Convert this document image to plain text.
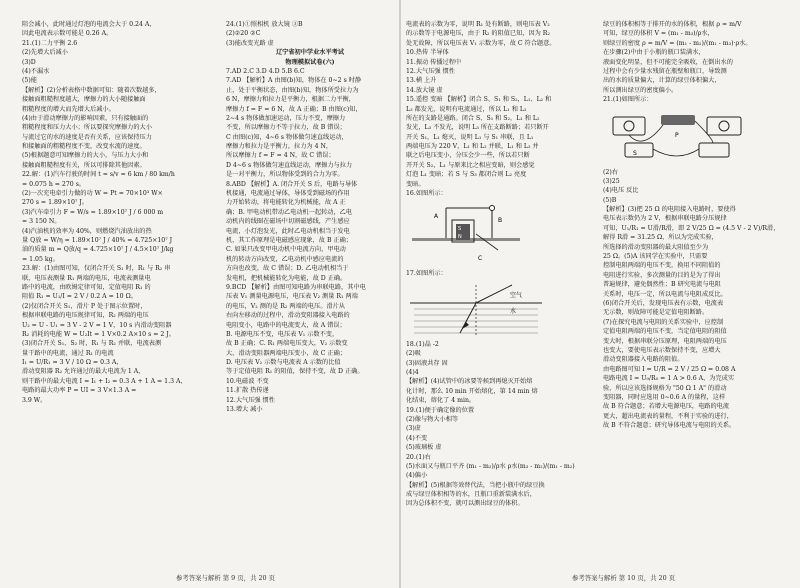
阻会减小，此时通过灯泡的电流会大于 0.24 A，
因此电流表示数可能是 0.26 A。
21.(1)二力平衡 2.6
(2)先增大后减小
(3)D
(4)不漏水
(5)能
【解析】(2)分析表格中数据可知：随着次数越多，
接触面粗糙程度越大，摩擦力的大小随接触面
粗糙程度的增大而先增大后减小。
(4)由于滑动摩擦力的影响因素，只有接触面的
粗糙程度和压力大小；所以要探究摩擦力的大小
与流过它的水的速度是否有关系，应该保持压力
和接触面的粗糙程度不变，改变水流的速度。
(5)根据题意可知摩擦力的大小，与压力大小和
接触面粗糙程度有关，所以可排除其他因素。
22.解：(1)汽车行驶的时间 t = s/v = 6 km / 80 km/h
= 0.075 h = 270 s。
(2)一次充电牵引力做的功 W = Pt = 70×10³ W×
270 s = 1.89×10⁷ J。
(3)汽车牵引力 F = W/s = 1.89×10⁷ J / 6 000 m
= 3 150 N。
(4)汽油机的效率为 40%，则燃烧汽油放出的热
量 Q放 = W/η = 1.89×10⁷ J / 40% = 4.725×10⁷ J
油的质量 m = Q放/q = 4.725×10⁷ J / 4.5×10⁷ J/kg
= 1.05 kg。
23.解：(1)由图可知，仅闭合开关 S₁ 时，R₁ 与 R₂ 串
联，电压表测量 R₁ 两端的电压，电流表测量电
路中的电流，由欧姆定律可知，定值电阻 R₁ 的
阻值 R₁ = U₁/I = 2 V / 0.2 A = 10 Ω。
(2)仅闭合开关 S₁，滑片 P 处于图示位置时，
根据串联电路的电压规律可知，R₂ 两端的电压
U₂ = U - U₁ = 3 V - 2 V = 1 V，10 s 内滑动变阻器
R₂ 消耗的电能 W = U₂It = 1 V×0.2 A×10 s = 2 J。
(3)闭合开关 S₁、S₂ 时，R₁ 与 R₂ 并联，电流表测
量干路中的电流，通过 R₁ 的电流
I₁ = U/R₁ = 3 V / 10 Ω = 0.3 A，
滑动变阻器 R₂ 允许通过的最大电流为 1 A，
则干路中的最大电流 I = I₁ + I₂ = 0.3 A + 1 A = 1.3 A，
电路的最大功率 P = UI = 3 V×1.3 A =
3.9 W。
24.(1)①照相机 放大镜 ③B
(2)②20 ②C
(3)能改变光路 虚
辽宁省初中学业水平考试
物理模拟试卷(六)
7.AD 2.C 3.D 4.D 5.B 6.C
7.AD 【解析】A 由图(b)知，物体在 0~2 s 时静
止，处于平衡状态，由图(b)知，物体所受拉力为
6 N，摩擦力和拉力是平衡力，根据二力平衡，
摩擦力 f = F = 6 N，故 A 正确；B 由图(c)知，
2~4 s 物体做加速运动，压力不变，摩擦力
不变，所以摩擦力不等于拉力，故 B 错误；
C 由图(c)知，4~6 s 物体做匀速直线运动，
摩擦力和拉力是平衡力，拉力为 4 N，
所以摩擦力 f = F = 4 N，故 C 错误；
D 4~6 s 物体做匀速直线运动，摩擦力与拉力
是一对平衡力，所以物体受到的合力为零。
8.ABD 【解析】A. 闭合开关 S 后，电路与导体
机接通，电流通过导体，导体受到磁场的作用
力开始转动，将电能转化为机械能，故 A 正
确；B. 甲电动机带动乙电动机一起转动，乙电
动机内的线圈在磁场中切割磁感线，产生感应
电流，小灯泡发光，此时乙电动机相当于发电
机，其工作原理是电磁感应现象，故 B 正确；
C. 如果只改变甲电动机中电流方向，甲电动
机的转动方向改变，乙电动机中感应电流的
方向也改变，故 C 错误；D. 乙电动机相当于
发电机，把机械能转化为电能，故 D 正确。
9.BCD 【解析】由图可知电路为串联电路，其中电
压表 V₁ 测量电源电压，电压表 V₂ 测量 R₁ 两端
的电压，V₂ 测的是 R₂ 两端的电压。滑片从
右向左移动的过程中，滑动变阻器接入电路的
电阻变小，电路中的电流变大，故 A 错误；
B. 电源电压不变，电压表 V₁ 示数不变，
故 B 正确；C. R₁ 两端电压变大，V₂ 示数变
大，滑动变阻器两端电压变小，故 C 正确；
D. 电压表 V₂ 示数与电流表 A 示数的比值
等于定值电阻 R₁ 的阻值，保持不变，故 D 正确。
10.电磁波 不变
11.扩散 热传递
12.大气压强 惯性
13.增大 减小
参考答案与解析 第 9 页，共 20 页
电流表的示数为零，说明 R₁ 处有断路，则电压表 V₂
的示数等于电源电压，由于 R₂ 的阻值已知，因为 R₂
处无故障，所以电压表 V₁ 示数为零，故 C 符合题意。
10.热传 半导体
11.振动 传播过程中
12.大气压强 惯性
13.横 上升
14.放大镜 虚
15.遥控 变暗 【解析】闭合 S、S₁ 和 S₂，L₁、L₂ 和
L₃ 都发光，说明有电流通过，所以 L₁ 和 L₂
所在的支路是通路。闭合 S、S₁ 和 S₂，L₁ 和 L₂
发光，L₃ 不发光，说明 L₃ 所在支路断路；若只断开
开关 S₁，L₁ 熄灭，说明 L₁ 与 S₁ 串联，且 L₁
两端电压为 220 V，L₁ 和 L₂ 并联，L₁ 和 L₃ 并
联之后电压变小，分压会少一些，所以若只断
开开关 S₂，L₁ 与原来比之相应变暗，则会感觉
灯泡 L₁ 变暗；若 S 与 S₃ 都闭合则 L₂ 亮度
变暗。
16.如图所示：
A
B
C
S
N
17.如图所示：
空气
水
18.(1)晶 -2
(2)吸
(3)固液共存 固
(4)4
【解析】(4)试管中的冰要等候到再熄灭开始熔
化计时，那么 10 min 开始熔化，第 14 min 熔
化结束，熔化了 4 min。
19.(1)便于确定像的位置
(2)像与物大小相等
(3)虚
(4)不变
(5)玻璃板 虚
20.(1)右
(5)水面又与瓶口平齐 (m₁ - m₂)/ρ水 ρ水(m₃ - m₂)/(m₁ - m₂)
(4)偏小
【解析】(5)根据等效替代法，当把小瓶中的绿豆换
成与绿豆体积相等的水，且瓶口重新装满水后，
因为总体积不变，就可以测出绿豆的体积。
绿豆的体积相等于排开的水的体积，根据 ρ = m/V
可知，绿豆的体积 V = (m₁ - m₃)/ρ水，
则绿豆的密度 ρ = m/V = (m₁ - m₂)/(m₁ - m₃)·ρ水。
在步骤(2)中由于小瓶的瓶口装满水，
液面变化明显，但不可能完全吸收，在倒出水的
过程中会有少量水残留在瓶壁和瓶口，导致测
出的水的质量偏大，计算的绿豆体积偏大，
所以测出绿豆的密度偏小。
21.(1)如图所示：
S
P
(2)右
(3)25
(4)电压 反比
(5)B
【解析】(3)把 25 Ω 的电阻接入电路时，要使得
电压表示数仍为 2 V，根据串联电路分压规律
可知，U₁/R₁ = U滑/R滑，即 2 V/25 Ω = (4.5 V - 2 V)/R滑，
解得 R滑 = 31.25 Ω，所以为完成实验，
所选择的滑动变阻器的最大阻值至少为
25 Ω。(5)A 该同学在实验中，只需要
控制电阻两端的电压不变，换用不同阻值的
电阻进行实验，多次测量的目的是为了得出
普遍规律，避免偶然性；B 研究电流与电阻
关系时，电压一定，所以电流与电阻成反比。
(6)闭合开关后，发现电压表有示数，电流表
无示数，则故障可能是定值电阻断路。
(7)在探究电流与电阻的关系实验中，应控制
定值电阻两端的电压不变，当定值电阻的阻值
变大时，根据串联分压原理，电阻两端的电压
也变大，要使电压表示数保持不变，应增大
滑动变阻器接入电路的阻值。
由电路图可知 I = U/R = 2 V / 25 Ω = 0.08 A
电路电流 I = U₀/R₀ = 1 A > 0.6 A，为完成实
验，所以应该选择规格为 "50 Ω 1 A" 的滑动
变阻器，同时应选用 0~0.6 A 的量程，这样
故 B 符合题意；若增大电源电压，电路的电流
更大，超出电流表的量程，不利于实验的进行，
故 B 不符合题意；研究导体电流与电阻的关系。
参考答案与解析 第 10 页，共 20 页
